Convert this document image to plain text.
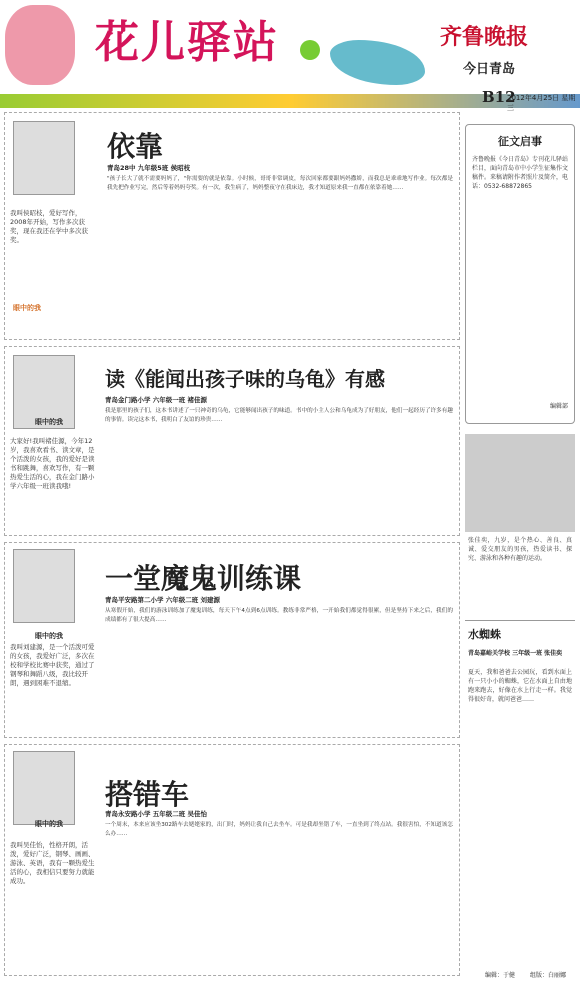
花儿驿站	齐鲁晚报
今日青岛
B12
2012年4月25日 星期三
眼中的我
我叫侯昭枝，爱好写作，2008年开始，写作多次获奖，现在我还在学中多次获奖。
依靠
青岛28中 九年级5班 侯昭枝
"孩子长大了就不需要妈妈了，"你需要的就是依靠。小时候，哥哥非常调皮，每次回家都要跟妈妈撒娇，而我总是乖乖地写作业。每次都是我先把作业写完，然后等着妈妈夸奖。有一次，我生病了，妈妈整夜守在我床边，我才知道原来我一直都在依靠着她……
眼中的我
大家好!我叫褚佳源，今年12岁，我喜欢看书、读文章，是个活泼的女孩，我的爱好是读书和跳舞，喜欢写作，有一颗热爱生活的心，我在金门路小学六年级一班读我哦!
读《能闻出孩子味的乌龟》有感
青岛金门路小学 六年级一班 褚佳源
我是那里的孩子们，这本书讲述了一只神奇的乌龟，它能够闻出孩子的味道。书中的小主人公和乌龟成为了好朋友，他们一起经历了许多有趣的事情。读完这本书，我明白了友谊的珍贵……
眼中的我
我叫刘建源，是一个活泼可爱的女孩，我爱好广泛，多次在校和学校比赛中获奖，通过了钢琴和舞蹈八级，我比较开朗，遇到困难不退缩。
一堂魔鬼训练课
青岛平安路第二小学 六年级二班 刘建源
从寒假开始，我们的游泳训练加了魔鬼训练，每天下午4点到6点训练。教练非常严格，一开始我们都觉得很累，但是坚持下来之后，我们的成绩都有了很大提高……
眼中的我
我叫吴佳怡，性格开朗，活泼，爱好广泛，钢琴、画画、游泳、英语，我有一颗热爱生活的心，我相信只要努力就能成功。
搭错车
青岛永安路小学 五年级二班 吴佳怡
一个周末，本来应该坐302路车去姥姥家的，出门时，妈妈让我自己去坐车。可是我却坐错了车，一直坐到了终点站。我很害怕，不知道该怎么办……
征文启事
齐鲁晚报《今日青岛》专刊花儿驿站栏目，面向青岛市中小学生征集作文稿件。来稿请附作者照片及简介，电话：0532-68872865
编辑部
张佳奕，九岁，是个热心、善良、真诚、爱交朋友的男孩，热爱读书、探究、游泳和各种有趣的运动。
水蜘蛛
青岛嘉峪关学校 三年级一班 张佳奕
夏天，我和爸爸去公园玩，看到水面上有一只小小的蜘蛛，它在水面上自由地跑来跑去，好像在水上行走一样。我觉得很好奇，就问爸爸……
编辑：于健 组版：白丽娜
